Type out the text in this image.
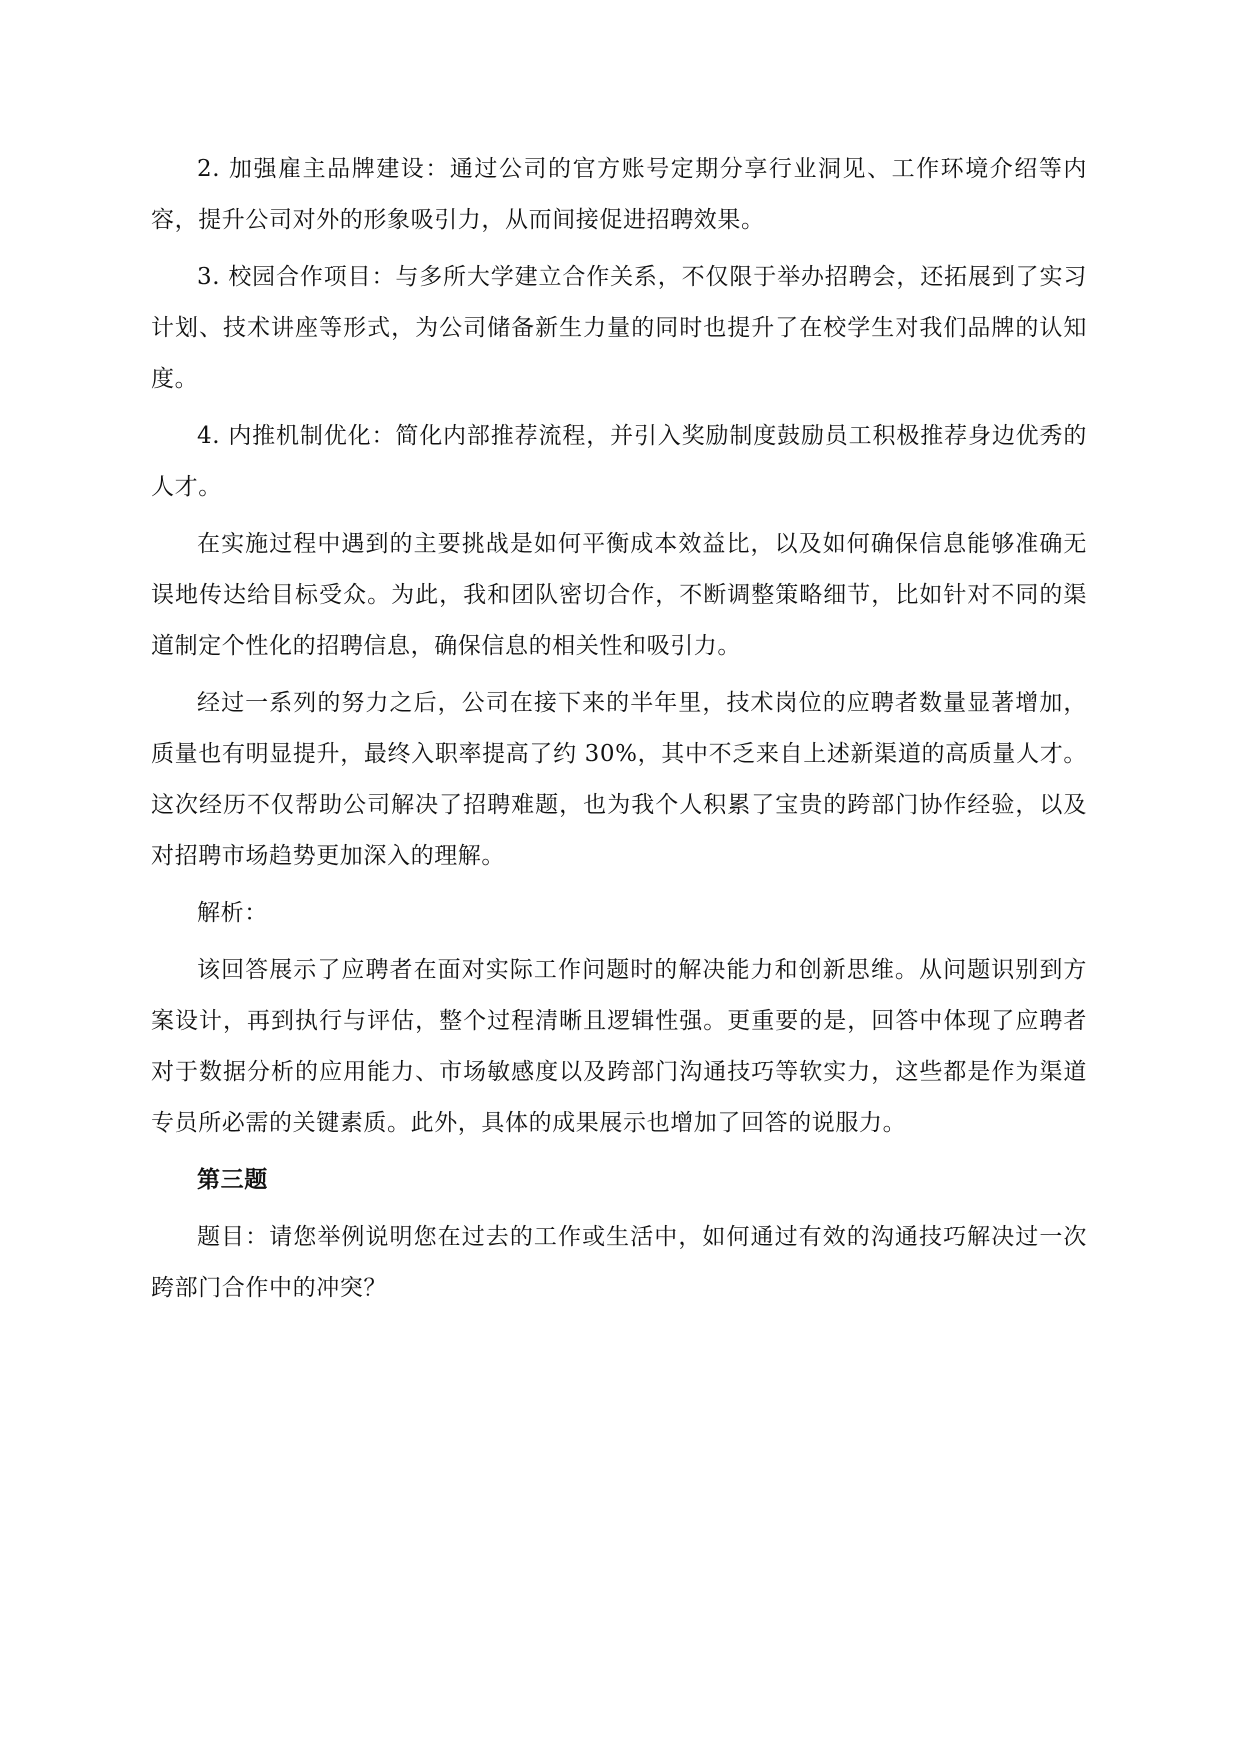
2. 加强雇主品牌建设：通过公司的官方账号定期分享行业洞见、工作环境介绍等内容，提升公司对外的形象吸引力，从而间接促进招聘效果。

3. 校园合作项目：与多所大学建立合作关系，不仅限于举办招聘会，还拓展到了实习计划、技术讲座等形式，为公司储备新生力量的同时也提升了在校学生对我们品牌的认知度。

4. 内推机制优化：简化内部推荐流程，并引入奖励制度鼓励员工积极推荐身边优秀的人才。

在实施过程中遇到的主要挑战是如何平衡成本效益比，以及如何确保信息能够准确无误地传达给目标受众。为此，我和团队密切合作，不断调整策略细节，比如针对不同的渠道制定个性化的招聘信息，确保信息的相关性和吸引力。

经过一系列的努力之后，公司在接下来的半年里，技术岗位的应聘者数量显著增加，质量也有明显提升，最终入职率提高了约 30%，其中不乏来自上述新渠道的高质量人才。这次经历不仅帮助公司解决了招聘难题，也为我个人积累了宝贵的跨部门协作经验，以及对招聘市场趋势更加深入的理解。

解析：

该回答展示了应聘者在面对实际工作问题时的解决能力和创新思维。从问题识别到方案设计，再到执行与评估，整个过程清晰且逻辑性强。更重要的是，回答中体现了应聘者对于数据分析的应用能力、市场敏感度以及跨部门沟通技巧等软实力，这些都是作为渠道专员所必需的关键素质。此外，具体的成果展示也增加了回答的说服力。

第三题

题目：请您举例说明您在过去的工作或生活中，如何通过有效的沟通技巧解决过一次跨部门合作中的冲突？
